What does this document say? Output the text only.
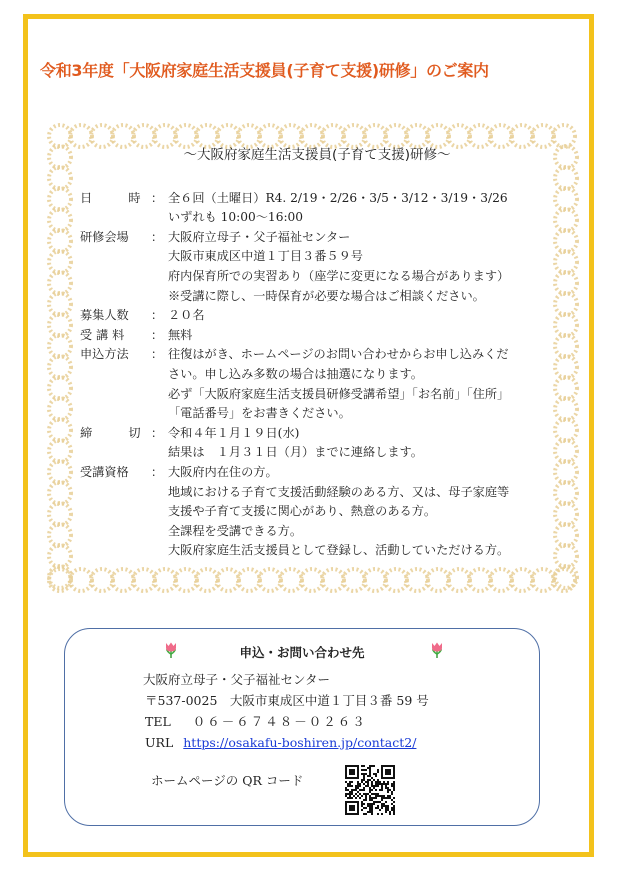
令和3年度「大阪府家庭生活支援員(子育て支援)研修」のご案内
～大阪府家庭生活支援員(子育て支援)研修～
日　時
： 全６回（土曜日）R4. 2/19・2/26・3/5・3/12・3/19・3/26
いずれも 10:00～16:00
研修会場	： 大阪府立母子・父子福祉センター
大阪市東成区中道１丁目３番５９号
府内保育所での実習あり（座学に変更になる場合があります）
※受講に際し、一時保育が必要な場合はご相談ください。
募集人数	： ２０名
受 講 料	： 無料
申込方法	： 往復はがき、ホームページのお問い合わせからお申し込みくだ
さい。申し込み多数の場合は抽選になります。
必ず「大阪府家庭生活支援員研修受講希望」「お名前」「住所」
「電話番号」をお書きください。
締　切
： 令和４年１月１９日(水)
結果は　１月３１日（月）までに連絡します。
受講資格	： 大阪府内在住の方。
地域における子育て支援活動経験のある方、又は、母子家庭等
支援や子育て支援に関心があり、熱意のある方。
全課程を受講できる方。
大阪府家庭生活支援員として登録し、活動していただける方。
申込・お問い合わせ先
大阪府立母子・父子福祉センター
〒537-0025　大阪市東成区中道１丁目３番 59 号
TEL ０６－６７４８－０２６３
URL https://osakafu-boshiren.jp/contact2/
ホームページの QR コード
